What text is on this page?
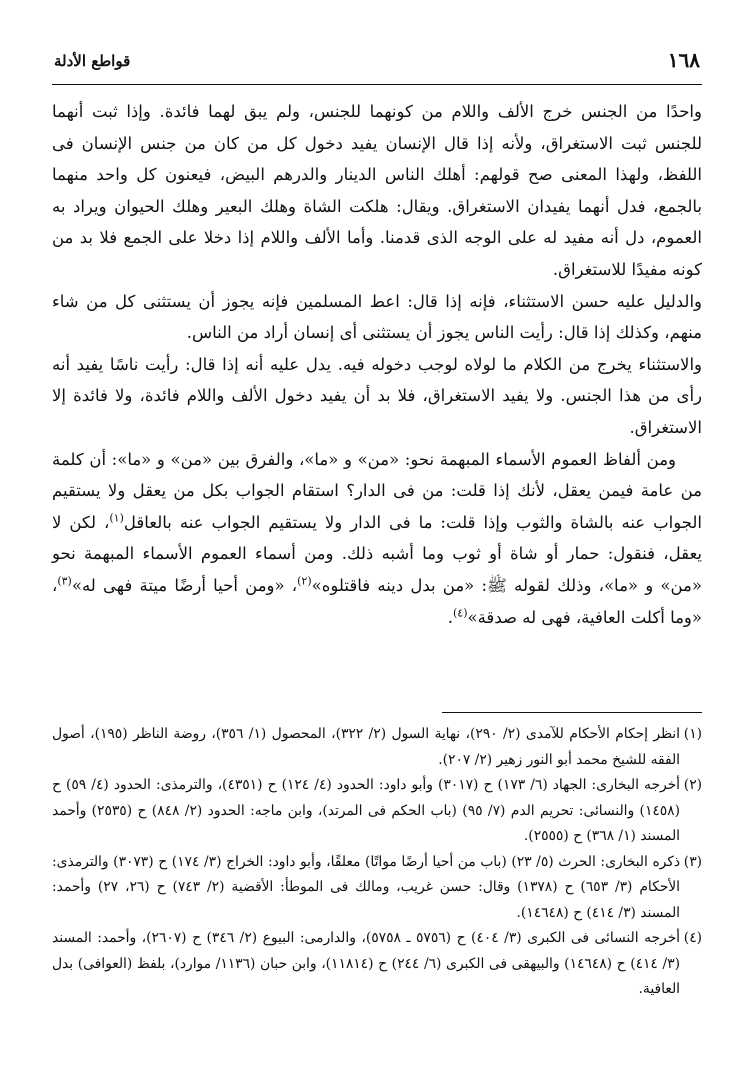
١٦٨
قواطع الأدلة

واحدًا من الجنس خرج الألف واللام من كونهما للجنس، ولم يبق لهما فائدة. وإذا ثبت أنهما للجنس ثبت الاستغراق، ولأنه إذا قال الإنسان يفيد دخول كل من كان من جنس الإنسان فى اللفظ، ولهذا المعنى صح قولهم: أهلك الناس الدينار والدرهم البيض، فيعنون كل واحد منهما بالجمع، فدل أنهما يفيدان الاستغراق. ويقال: هلكت الشاة وهلك البعير وهلك الحيوان ويراد به العموم، دل أنه مفيد له على الوجه الذى قدمنا. وأما الألف واللام إذا دخلا على الجمع فلا بد من كونه مفيدًا للاستغراق.

والدليل عليه حسن الاستثناء، فإنه إذا قال: اعط المسلمين فإنه يجوز أن يستثنى كل من شاء منهم، وكذلك إذا قال: رأيت الناس يجوز أن يستثنى أى إنسان أراد من الناس.

والاستثناء يخرج من الكلام ما لولاه لوجب دخوله فيه. يدل عليه أنه إذا قال: رأيت ناسًا يفيد أنه رأى من هذا الجنس. ولا يفيد الاستغراق، فلا بد أن يفيد دخول الألف واللام فائدة، ولا فائدة إلا الاستغراق.

ومن ألفاظ العموم الأسماء المبهمة نحو: «من» و «ما»، والفرق بين «من» و «ما»: أن كلمة من عامة فيمن يعقل، لأنك إذا قلت: من فى الدار؟ استقام الجواب بكل من يعقل ولا يستقيم الجواب عنه بالشاة والثوب وإذا قلت: ما فى الدار ولا يستقيم الجواب عنه بالعاقل$^{(١)}$، لكن لا يعقل، فنقول: حمار أو شاة أو ثوب وما أشبه ذلك. ومن أسماء العموم الأسماء المبهمة نحو «من» و «ما»، وذلك لقوله ﷺ: «من بدل دينه فاقتلوه»$^{(٢)}$، «ومن أحيا أرضًا ميتة فهى له»$^{(٣)}$، «وما أكلت العافية، فهى له صدقة»$^{(٤)}$.

(١)
انظر إحكام الأحكام للآمدى (٢/ ٢٩٠)، نهاية السول (٢/ ٣٢٢)، المحصول (١/ ٣٥٦)، روضة الناظر (١٩٥)، أصول الفقه للشيخ محمد أبو النور زهير (٢/ ٢٠٧).

(٢)
أخرجه البخارى: الجهاد (٦/ ١٧٣) ح (٣٠١٧) وأبو داود: الحدود (٤/ ١٢٤) ح (٤٣٥١)، والترمذى: الحدود (٤/ ٥٩) ح (١٤٥٨) والنسائى: تحريم الدم (٧/ ٩٥) (باب الحكم فى المرتد)، وابن ماجه: الحدود (٢/ ٨٤٨) ح (٢٥٣٥) وأحمد المسند (١/ ٣٦٨) ح (٢٥٥٥).

(٣)
ذكره البخارى: الحرث (٥/ ٢٣) (باب من أحيا أرضًا مواتًا) معلقًا، وأبو داود: الخراج (٣/ ١٧٤) ح (٣٠٧٣) والترمذى: الأحكام (٣/ ٦٥٣) ح (١٣٧٨) وقال: حسن غريب، ومالك فى الموطأ: الأقضية (٢/ ٧٤٣) ح (٢٦، ٢٧) وأحمد: المسند (٣/ ٤١٤) ح (١٤٦٤٨).

(٤)
أخرجه النسائى فى الكبرى (٣/ ٤٠٤) ح (٥٧٥٦ ـ ٥٧٥٨)، والدارمى: البيوع (٢/ ٣٤٦) ح (٢٦٠٧)، وأحمد: المسند (٣/ ٤١٤) ح (١٤٦٤٨) والبيهقى فى الكبرى (٦/ ٢٤٤) ح (١١٨١٤)، وابن حبان (١١٣٦/ موارد)، بلفظ (العوافى) بدل العافية.
